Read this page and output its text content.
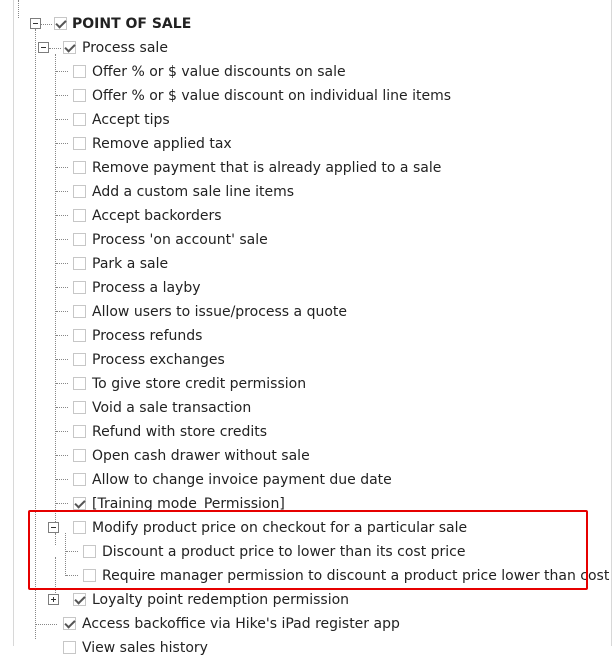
POINT OF SALE
Process sale
Offer % or $ value discounts on sale
Offer % or $ value discount on individual line items
Accept tips
Remove applied tax
Remove payment that is already applied to a sale
Add a custom sale line items
Accept backorders
Process 'on account' sale
Park a sale
Process a layby
Allow users to issue/process a quote
Process refunds
Process exchanges
To give store credit permission
Void a sale transaction
Refund with store credits
Open cash drawer without sale
Allow to change invoice payment due date
[Training mode_Permission]
Modify product price on checkout for a particular sale
Discount a product price to lower than its cost price
Require manager permission to discount a product price lower than cost
Loyalty point redemption permission
Access backoffice via Hike's iPad register app
View sales history
